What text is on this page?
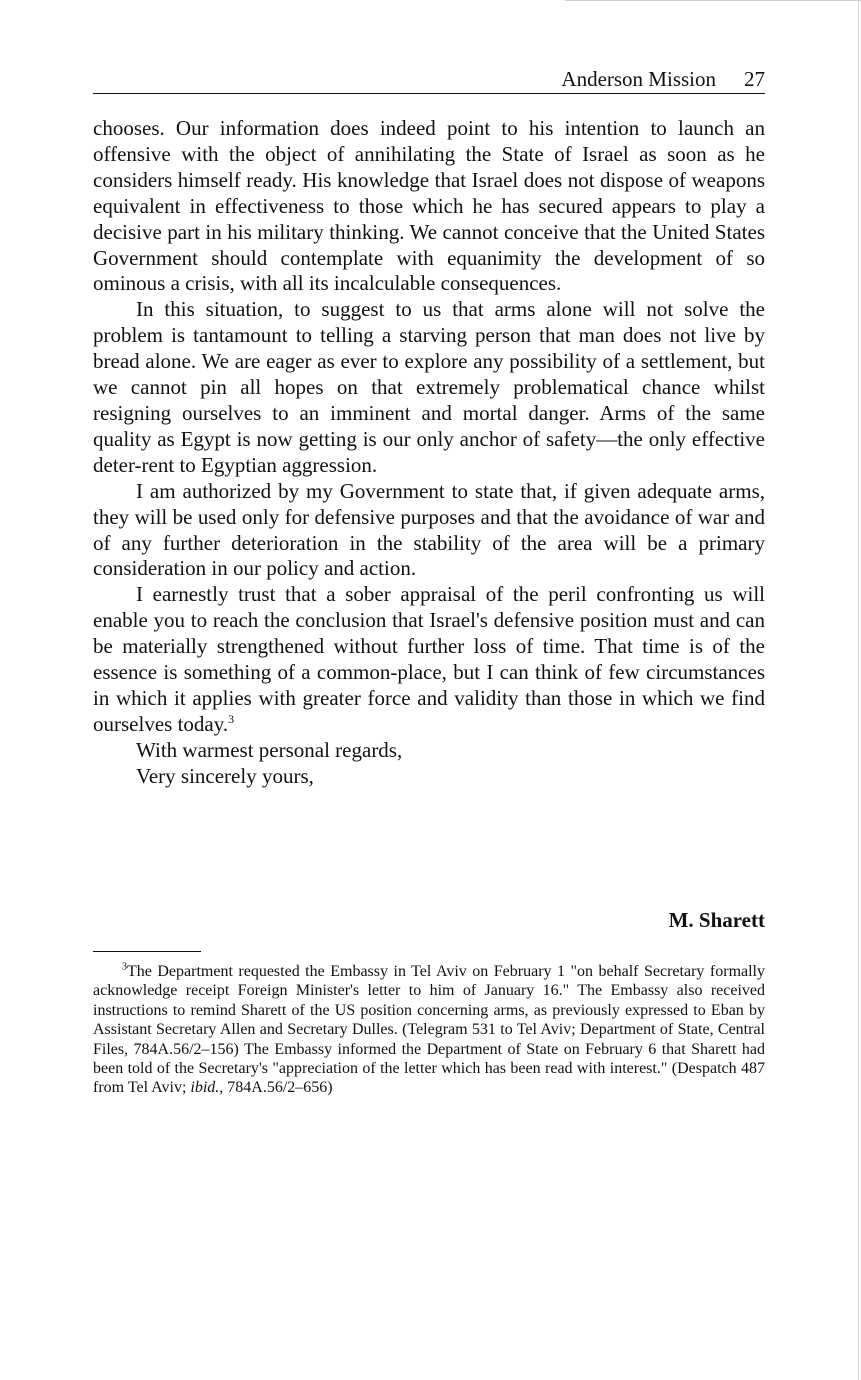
Anderson Mission 27

chooses. Our information does indeed point to his intention to launch an offensive with the object of annihilating the State of Israel as soon as he considers himself ready. His knowledge that Israel does not dispose of weapons equivalent in effectiveness to those which he has secured appears to play a decisive part in his military thinking. We cannot conceive that the United States Government should contemplate with equanimity the development of so ominous a crisis, with all its incalculable consequences.

In this situation, to suggest to us that arms alone will not solve the problem is tantamount to telling a starving person that man does not live by bread alone. We are eager as ever to explore any possibility of a settlement, but we cannot pin all hopes on that extremely problematical chance whilst resigning ourselves to an imminent and mortal danger. Arms of the same quality as Egypt is now getting is our only anchor of safety—the only effective deter-rent to Egyptian aggression.

I am authorized by my Government to state that, if given adequate arms, they will be used only for defensive purposes and that the avoidance of war and of any further deterioration in the stability of the area will be a primary consideration in our policy and action.

I earnestly trust that a sober appraisal of the peril confronting us will enable you to reach the conclusion that Israel's defensive position must and can be materially strengthened without further loss of time. That time is of the essence is something of a common-place, but I can think of few circumstances in which it applies with greater force and validity than those in which we find ourselves today.$^3$

With warmest personal regards,

Very sincerely yours,

M. Sharett
$^3$The Department requested the Embassy in Tel Aviv on February 1 "on behalf Secretary formally acknowledge receipt Foreign Minister's letter to him of January 16." The Embassy also received instructions to remind Sharett of the US position concerning arms, as previously expressed to Eban by Assistant Secretary Allen and Secretary Dulles. (Telegram 531 to Tel Aviv; Department of State, Central Files, 784A.56/2–156) The Embassy informed the Department of State on February 6 that Sharett had been told of the Secretary's "appreciation of the letter which has been read with interest." (Despatch 487 from Tel Aviv; ibid., 784A.56/2–656)
